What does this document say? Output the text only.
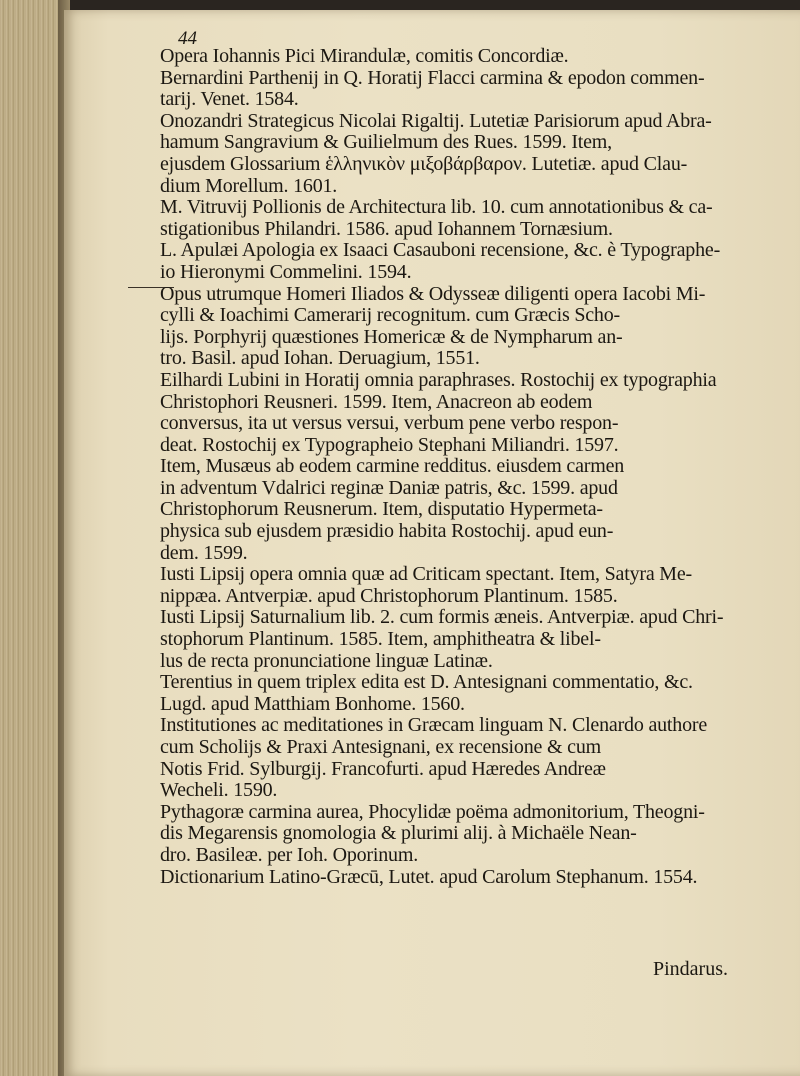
44

Opera Iohannis Pici Mirandulæ, comitis Concordiæ.

Bernardini Parthenij in Q. Horatij Flacci carmina & epodon commen-
tarij. Venet. 1584.

Onozandri Strategicus Nicolai Rigaltij. Lutetiæ Parisiorum apud Abra-
hamum Sangravium & Guilielmum des Rues. 1599. Item,
ejusdem Glossarium ἑλληνικὸν μιξοβάρβαρον. Lutetiæ. apud Clau-
dium Morellum. 1601.

M. Vitruvij Pollionis de Architectura lib. 10. cum annotationibus & ca-
stigationibus Philandri. 1586. apud Iohannem Tornæsium.

L. Apulæi Apologia ex Isaaci Casauboni recensione, &c. è Typographe-
io Hieronymi Commelini. 1594.

Opus utrumque Homeri Iliados & Odysseæ diligenti opera Iacobi Mi-
cylli & Ioachimi Camerarij recognitum. cum Græcis Scho-
lijs. Porphyrij quæstiones Homericæ & de Nympharum an-
tro. Basil. apud Iohan. Deruagium, 1551.

Eilhardi Lubini in Horatij omnia paraphrases. Rostochij ex typographia
Christophori Reusneri. 1599. Item, Anacreon ab eodem
conversus, ita ut versus versui, verbum pene verbo respon-
deat. Rostochij ex Typographeio Stephani Miliandri. 1597.
Item, Musæus ab eodem carmine redditus. eiusdem carmen
in adventum Vdalrici reginæ Daniæ patris, &c. 1599. apud
Christophorum Reusnerum. Item, disputatio Hypermeta-
physica sub ejusdem præsidio habita Rostochij. apud eun-
dem. 1599.

Iusti Lipsij opera omnia quæ ad Criticam spectant. Item, Satyra Me-
nippæa. Antverpiæ. apud Christophorum Plantinum. 1585.

Iusti Lipsij Saturnalium lib. 2. cum formis æneis. Antverpiæ. apud Chri-
stophorum Plantinum. 1585. Item, amphitheatra & libel-
lus de recta pronunciatione linguæ Latinæ.

Terentius in quem triplex edita est D. Antesignani commentatio, &c.
Lugd. apud Matthiam Bonhome. 1560.

Institutiones ac meditationes in Græcam linguam N. Clenardo authore
cum Scholijs & Praxi Antesignani, ex recensione & cum
Notis Frid. Sylburgij. Francofurti. apud Hæredes Andreæ
Wecheli. 1590.

Pythagoræ carmina aurea, Phocylidæ poëma admonitorium, Theogni-
dis Megarensis gnomologia & plurimi alij. à Michaële Nean-
dro. Basileæ. per Ioh. Oporinum.

Dictionarium Latino-Græcū, Lutet. apud Carolum Stephanum. 1554.

Pindarus.
